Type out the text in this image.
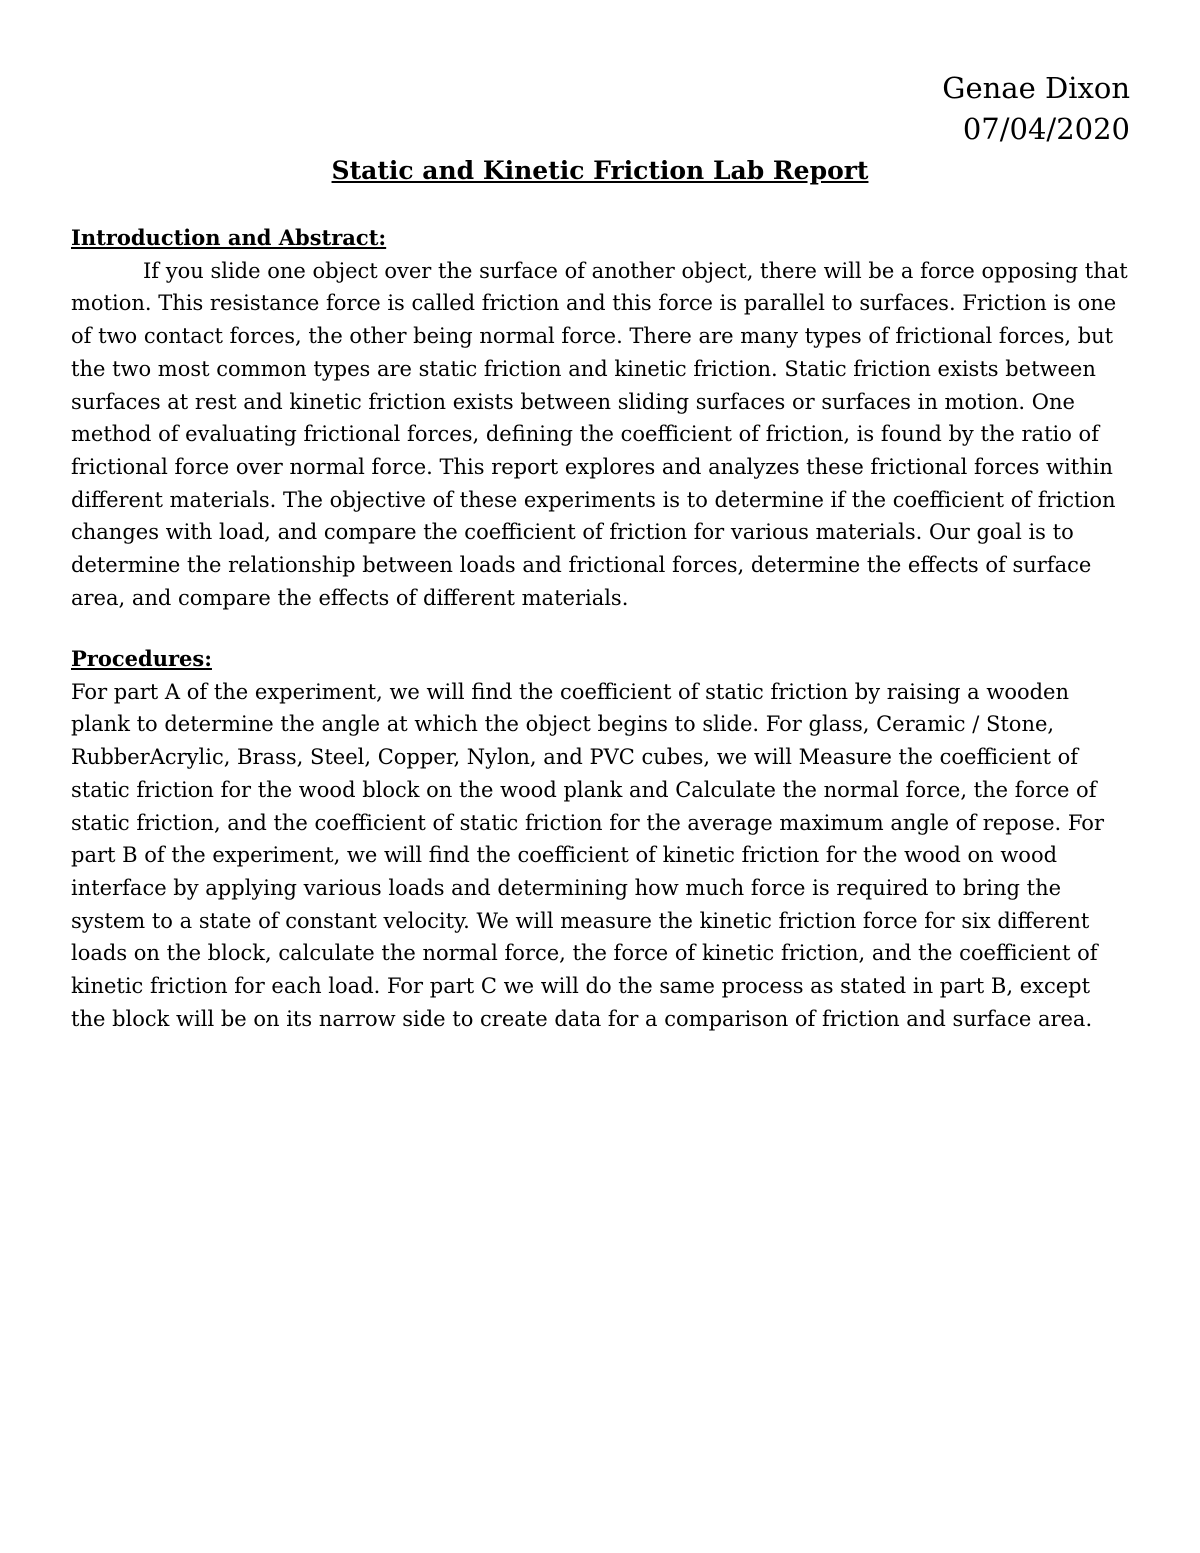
Genae Dixon
07/04/2020
Static and Kinetic Friction Lab Report
Introduction and Abstract:

If you slide one object over the surface of another object, there will be a force opposing that motion. This resistance force is called friction and this force is parallel to surfaces. Friction is one of two contact forces, the other being normal force. There are many types of frictional forces, but the two most common types are static friction and kinetic friction. Static friction exists between surfaces at rest and kinetic friction exists between sliding surfaces or surfaces in motion. One method of evaluating frictional forces, defining the coefficient of friction, is found by the ratio of frictional force over normal force. This report explores and analyzes these frictional forces within different materials. The objective of these experiments is to determine if the coefficient of friction changes with load, and compare the coefficient of friction for various materials. Our goal is to determine the relationship between loads and frictional forces, determine the effects of surface area, and compare the effects of different materials.

Procedures:

For part A of the experiment, we will find the coefficient of static friction by raising a wooden plank to determine the angle at which the object begins to slide. For glass, Ceramic / Stone, RubberAcrylic, Brass, Steel, Copper, Nylon, and PVC cubes, we will Measure the coefficient of static friction for the wood block on the wood plank and Calculate the normal force, the force of static friction, and the coefficient of static friction for the average maximum angle of repose. For part B of the experiment, we will find the coefficient of kinetic friction for the wood on wood interface by applying various loads and determining how much force is required to bring the system to a state of constant velocity. We will measure the kinetic friction force for six different loads on the block, calculate the normal force, the force of kinetic friction, and the coefficient of kinetic friction for each load. For part C we will do the same process as stated in part B, except the block will be on its narrow side to create data for a comparison of friction and surface area.
